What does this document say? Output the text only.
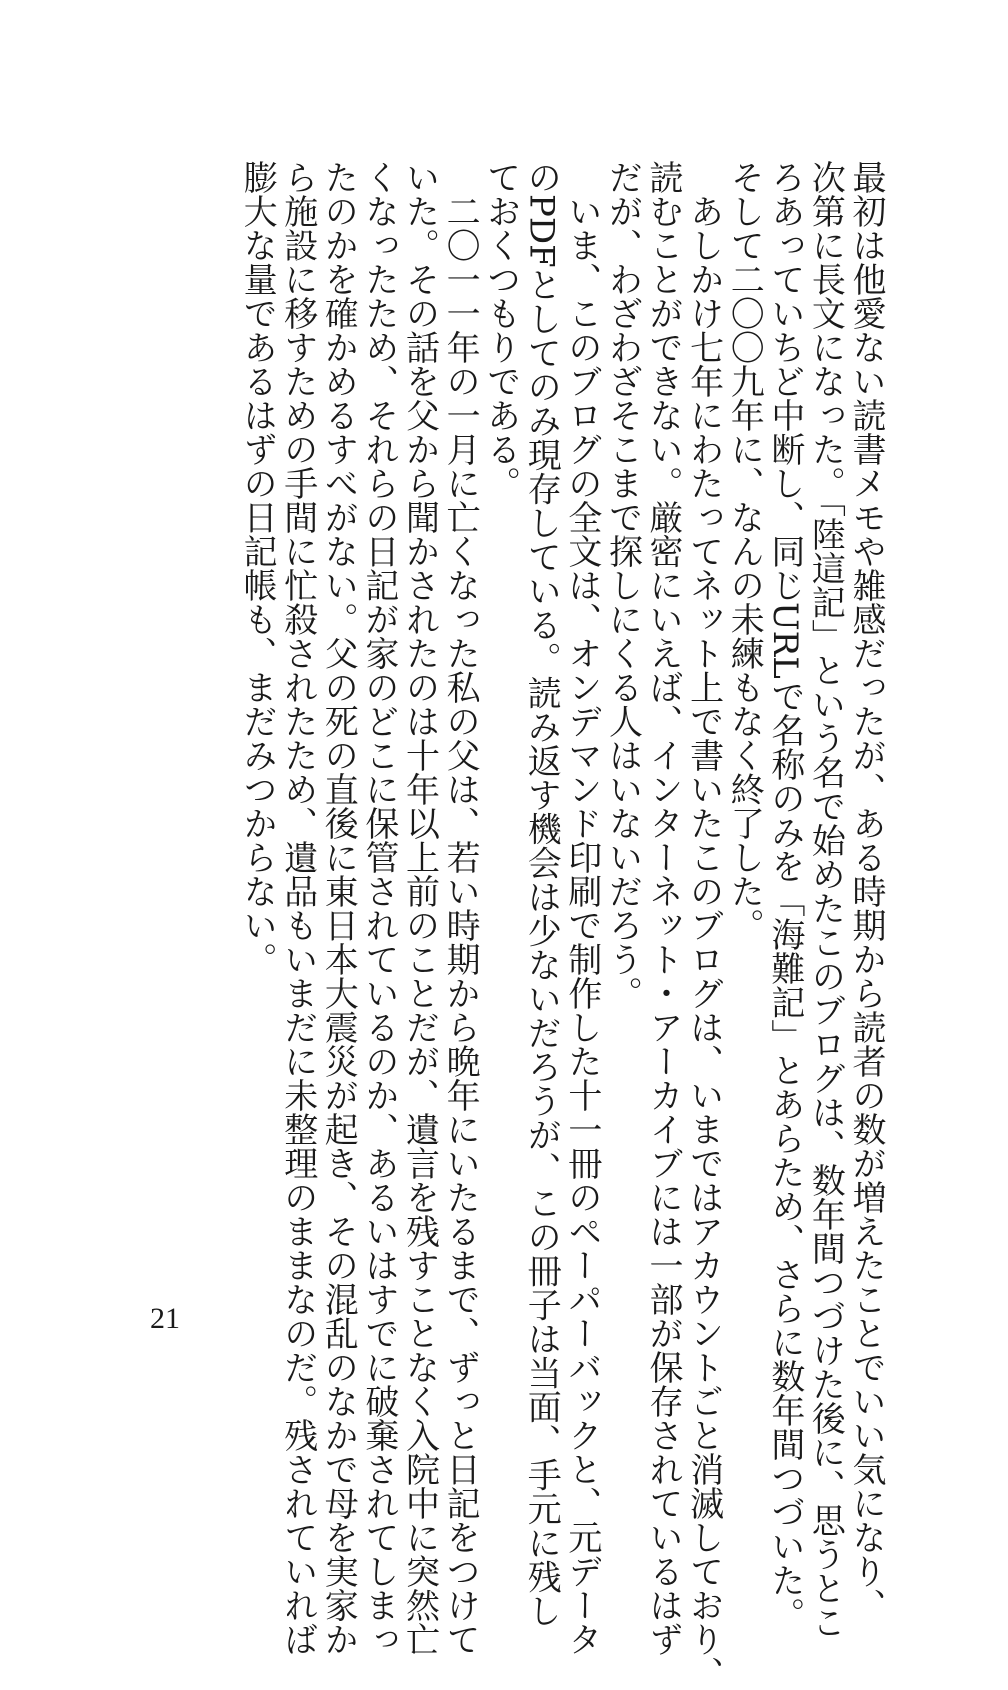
最初は他愛ない読書メモや雑感だったが、ある時期から読者の数が増えたことでいい気になり、
次第に長文になった。「陸這記」という名で始めたこのブログは、数年間つづけた後に、思うとこ
ろあっていちど中断し、同じURLで名称のみを「海難記」とあらため、さらに数年間つづいた。
そして二〇〇九年に、なんの未練もなく終了した。

　あしかけ七年にわたってネット上で書いたこのブログは、いまではアカウントごと消滅しており、
読むことができない。厳密にいえば、インターネット・アーカイブには一部が保存されているはず
だが、わざわざそこまで探しにくる人はいないだろう。

　いま、このブログの全文は、オンデマンド印刷で制作した十一冊のペーパーバックと、元データ
のPDFとしてのみ現存している。読み返す機会は少ないだろうが、この冊子は当面、手元に残し
ておくつもりである。

　二〇一一年の一月に亡くなった私の父は、若い時期から晩年にいたるまで、ずっと日記をつけて
いた。その話を父から聞かされたのは十年以上前のことだが、遺言を残すことなく入院中に突然亡
くなったため、それらの日記が家のどこに保管されているのか、あるいはすでに破棄されてしまっ
たのかを確かめるすべがない。父の死の直後に東日本大震災が起き、その混乱のなかで母を実家か
ら施設に移すための手間に忙殺されたため、遺品もいまだに未整理のままなのだ。残されていれば
膨大な量であるはずの日記帳も、まだみつからない。

21
